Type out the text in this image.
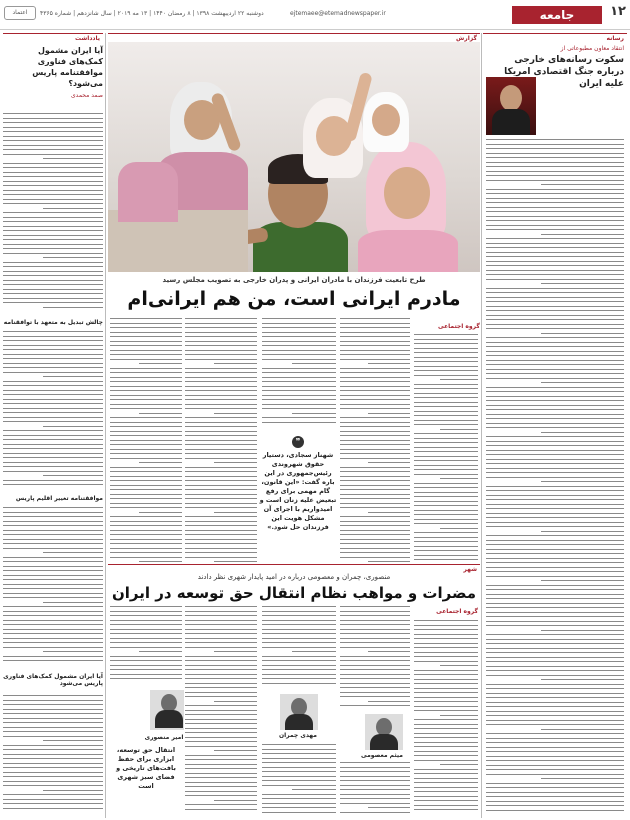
۱۲
جامعه
ejtemaee@etemadnewspaper.ir
دوشنبه ۲۲ اردیبهشت ۱۳۹۸ | ۸ رمضان ۱۴۴۰ | ۱۳ مه ۲۰۱۹ | سال شانزدهم | شماره ۴۳۶۵
اعتماد
رسانه
انتقاد معاون مطبوعاتی از
سکوت رسانه‌های خارجی درباره جنگ اقتصادی امریکا علیه ایران
یادداشت
آیا ایران مشمول کمک‌های فناوری موافقتنامه پاریس می‌شود؟
صمد محمدی
چالش تبدیل به متعهد با توافقنامه
موافقتنامه تغییر اقلیم پاریس
آیا ایران مشمول کمک‌های فناوری پاریس می‌شود
گزارش
طرح تابعیت فرزندان با مادران ایرانی و پدران خارجی به تصویب مجلس رسید
مادرم ایرانی است، من هم ایرانی‌ام
گروه اجتماعی
❞
شهناز سجادی، دستیار حقوق شهروندی رئیس‌جمهوری در این باره گفت: «این قانون، گام مهمی برای رفع تبعیض علیه زنان است و امیدواریم با اجرای آن مشکل هویت این فرزندان حل شود.»
شهر
منصوری، چمران و معصومی درباره در امید پایدار شهری نظر دادند
مضرات و مواهب نظام انتقال حق توسعه در ایران
گروه اجتماعی
میثم معصومی
مهدی چمران
امیر منصوری
انتقال حق توسعه، ابزاری برای حفظ بافت‌های تاریخی و فضای سبز شهری است
